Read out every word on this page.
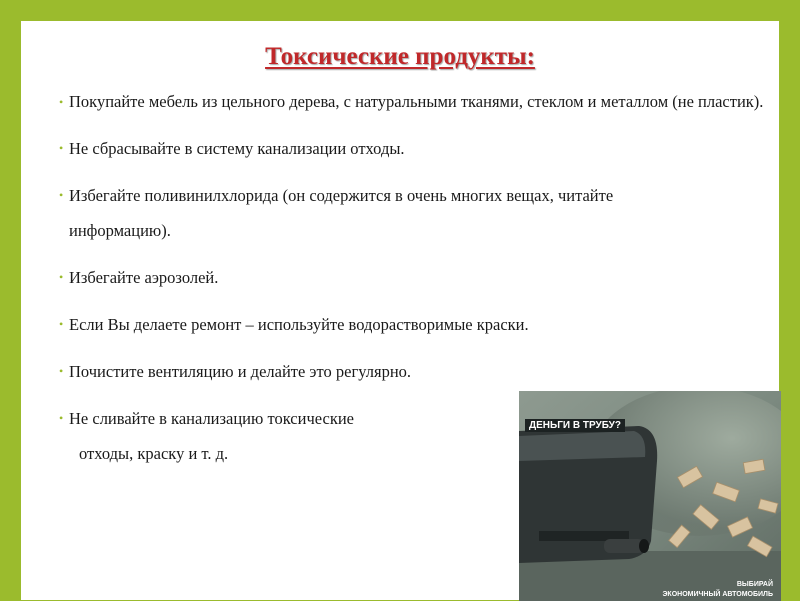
Токсические продукты:
• Покупайте мебель из цельного дерева, с натуральными тканями, стеклом и металлом (не пластик).
• Не сбрасывайте в систему канализации отходы.
• Избегайте поливинилхлорида (он содержится в очень многих вещах, читайте информацию).
• Избегайте аэрозолей.
• Если Вы делаете ремонт – используйте водорастворимые краски.
• Почистите вентиляцию и делайте это регулярно.
• Не сливайте в канализацию токсические
отходы, краску и т. д.
ДЕНЬГИ В ТРУБУ?
ВЫБИРАЙ
ЭКОНОМИЧНЫЙ АВТОМОБИЛЬ
